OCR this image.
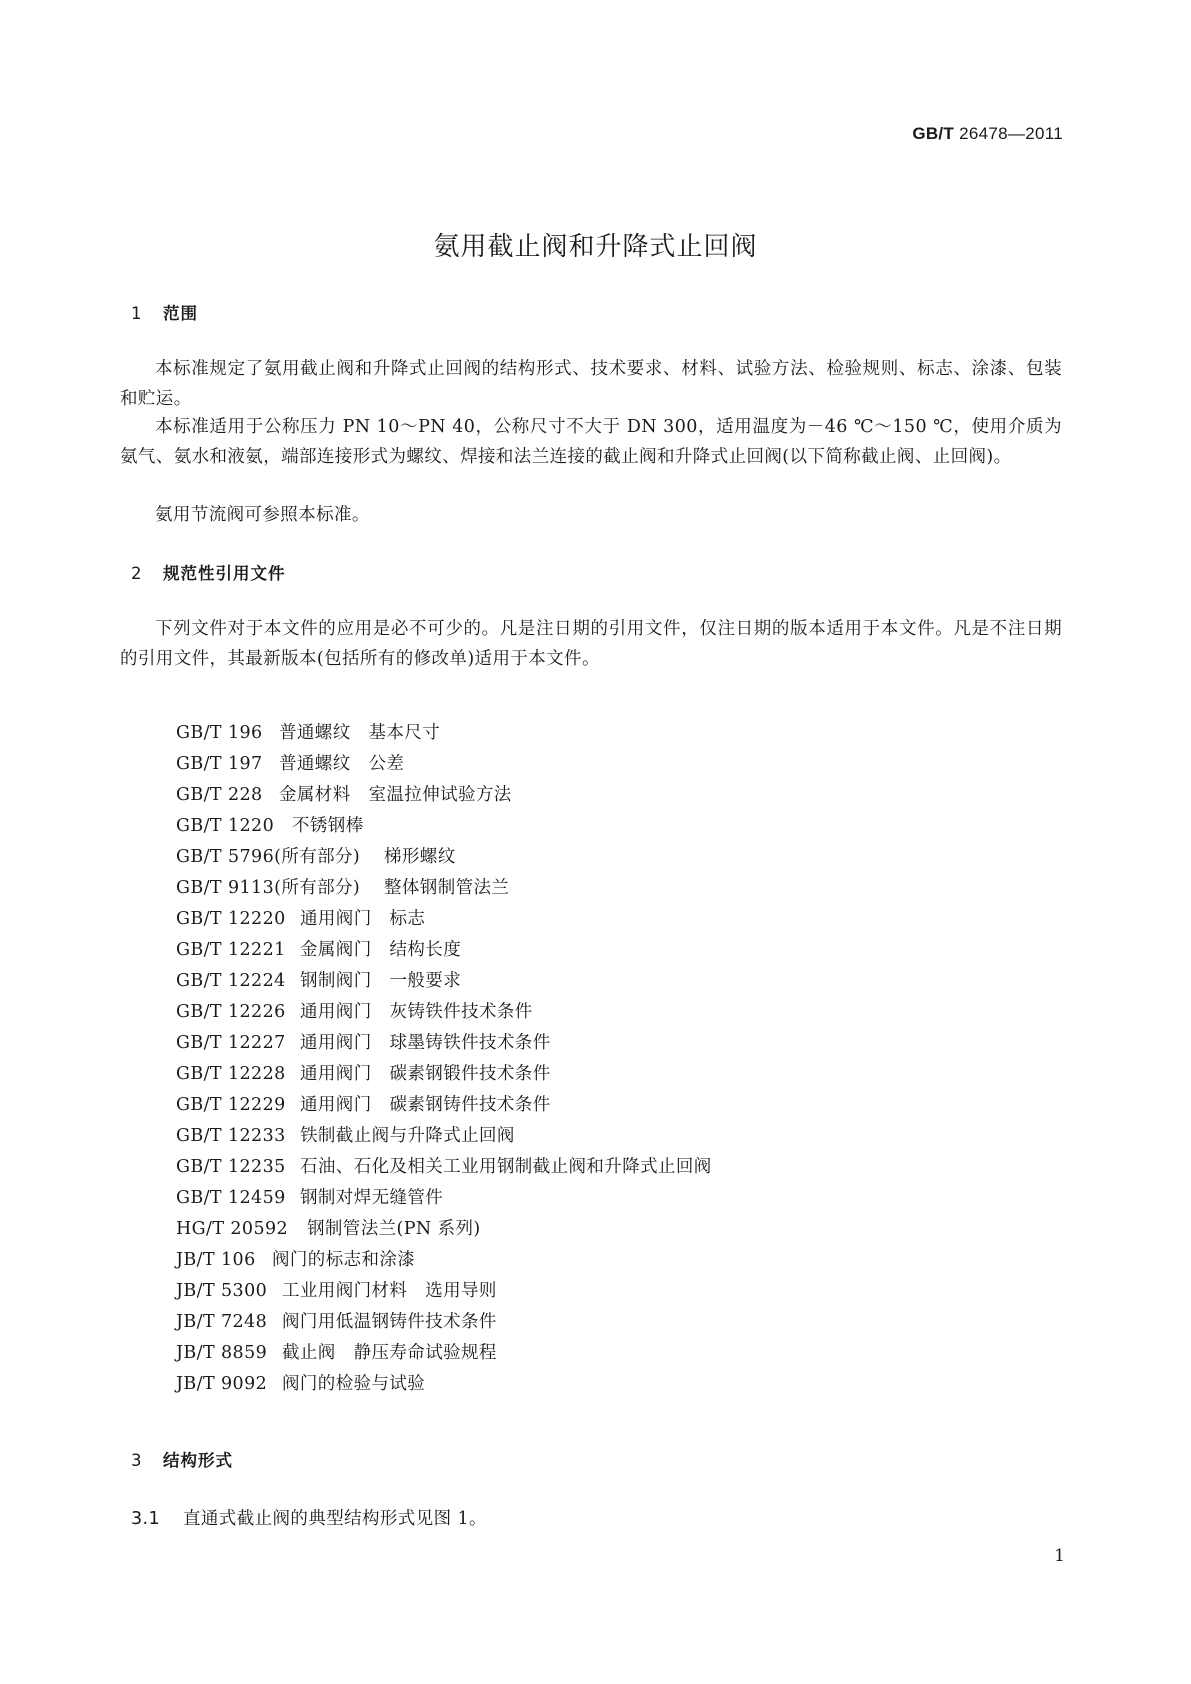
GB/T 26478—2011
氨用截止阀和升降式止回阀
1 范围
本标准规定了氨用截止阀和升降式止回阀的结构形式、技术要求、材料、试验方法、检验规则、标志、涂漆、包装和贮运。
本标准适用于公称压力 PN 10～PN 40，公称尺寸不大于 DN 300，适用温度为－46 ℃～150 ℃，使用介质为氨气、氨水和液氨，端部连接形式为螺纹、焊接和法兰连接的截止阀和升降式止回阀(以下简称截止阀、止回阀)。
氨用节流阀可参照本标准。
2 规范性引用文件
下列文件对于本文件的应用是必不可少的。凡是注日期的引用文件，仅注日期的版本适用于本文件。凡是不注日期的引用文件，其最新版本(包括所有的修改单)适用于本文件。
GB/T 196 普通螺纹　基本尺寸
GB/T 197 普通螺纹　公差
GB/T 228 金属材料　室温拉伸试验方法
GB/T 1220 不锈钢棒
GB/T 5796(所有部分) 梯形螺纹
GB/T 9113(所有部分) 整体钢制管法兰
GB/T 12220 通用阀门　标志
GB/T 12221 金属阀门　结构长度
GB/T 12224 钢制阀门　一般要求
GB/T 12226 通用阀门　灰铸铁件技术条件
GB/T 12227 通用阀门　球墨铸铁件技术条件
GB/T 12228 通用阀门　碳素钢锻件技术条件
GB/T 12229 通用阀门　碳素钢铸件技术条件
GB/T 12233 铁制截止阀与升降式止回阀
GB/T 12235 石油、石化及相关工业用钢制截止阀和升降式止回阀
GB/T 12459 钢制对焊无缝管件
HG/T 20592 钢制管法兰(PN 系列)
JB/T 106 阀门的标志和涂漆
JB/T 5300 工业用阀门材料　选用导则
JB/T 7248 阀门用低温钢铸件技术条件
JB/T 8859 截止阀　静压寿命试验规程
JB/T 9092 阀门的检验与试验
3 结构形式
3.1 直通式截止阀的典型结构形式见图 1。
1
